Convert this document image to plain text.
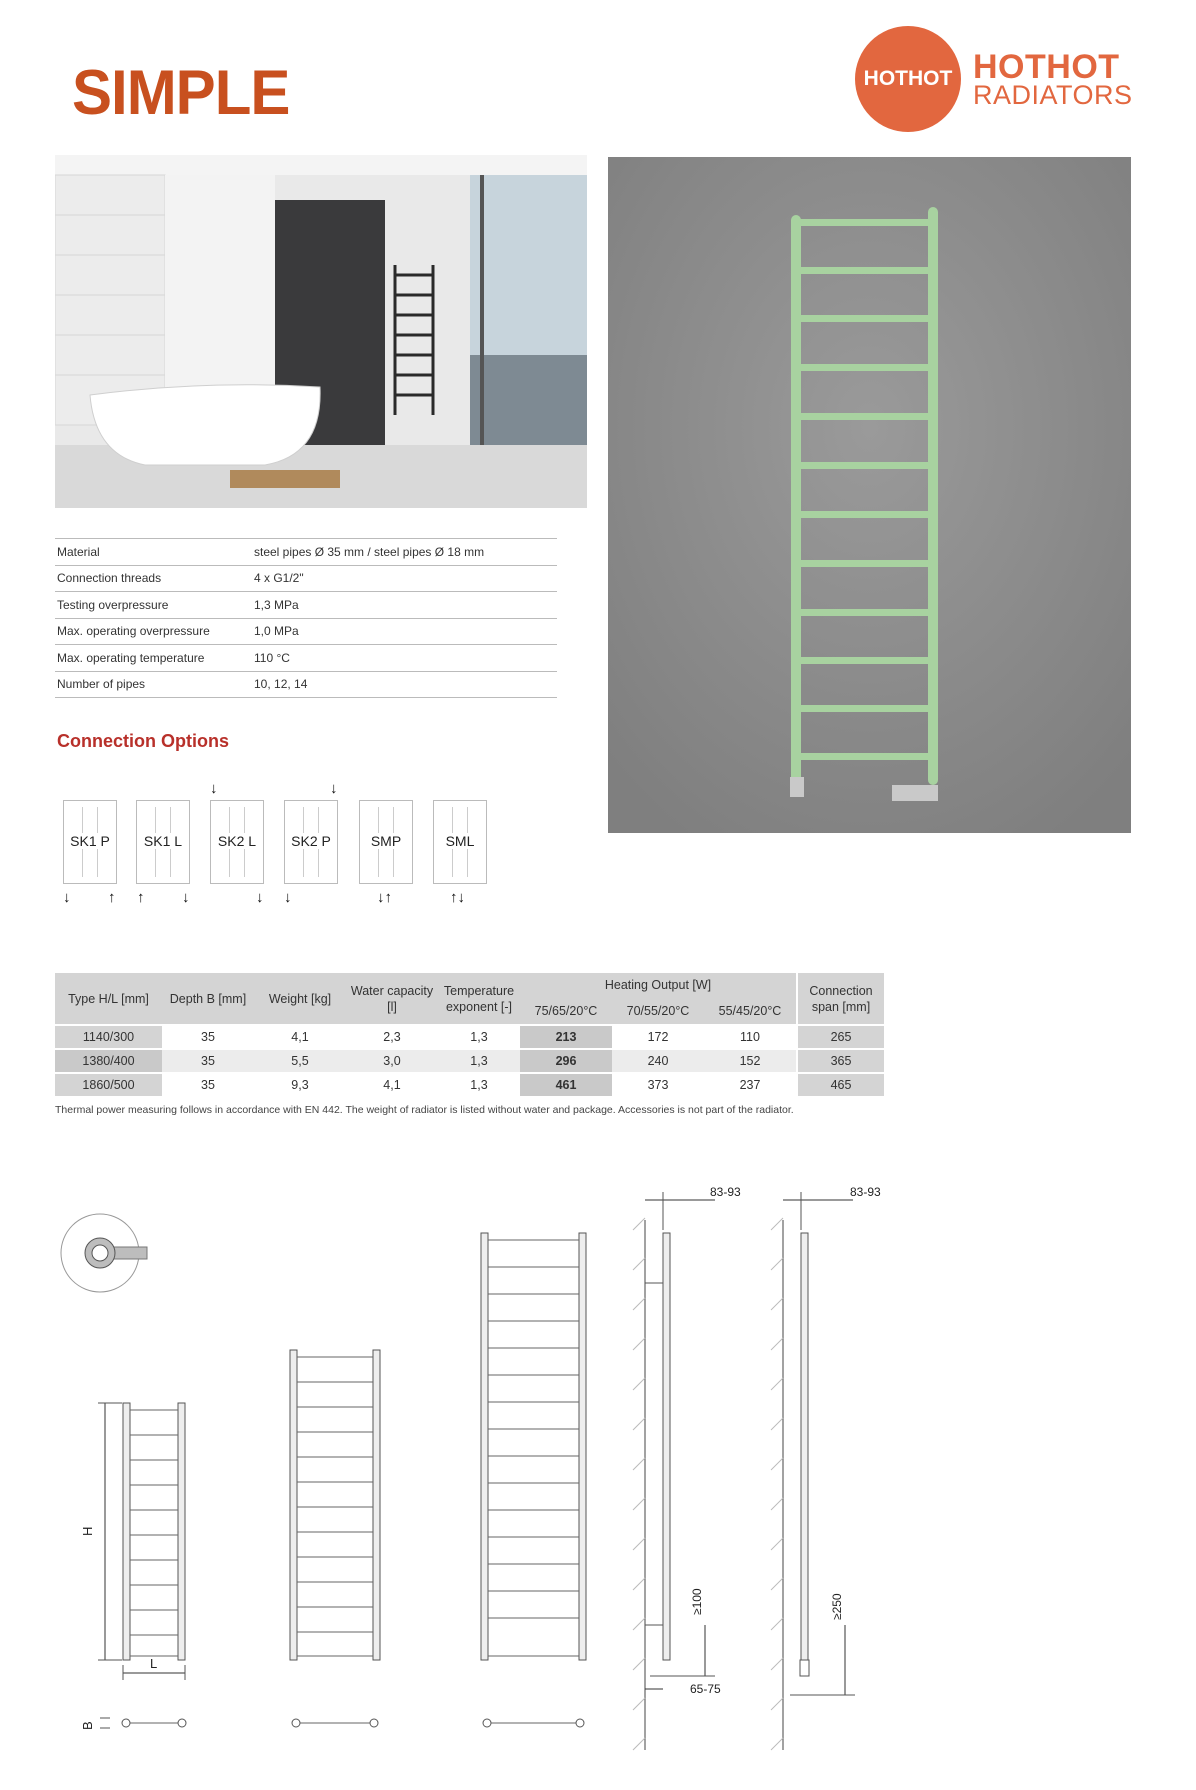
SIMPLE	HOTHOT HOTHOT
RADIATORS
Material	steel pipes Ø 35 mm / steel pipes Ø 18 mm
Connection threads	4 x G1/2"
Testing overpressure	1,3 MPa
Max. operating overpressure	1,0 MPa
Max. operating temperature	110 °C
Number of pipes	10, 12, 14
Connection Options
SK1 P	SK1 L	SK2 L	SK2 P	SMP	SML
↓	↑ ↑	↓
↓
↓ ↓
↓
↓↑	↑↓
Type H/L [mm]	Depth B [mm]	Weight [kg]	Water capacity [l]	Temperature exponent [-]	Heating Output [W]			Connection span [mm]
					75/65/20°C	70/55/20°C	55/45/20°C	
1140/300	35	4,1	2,3	1,3	213	172	110	265
1380/400	35	5,5	3,0	1,3	296	240	152	365
1860/500	35	9,3	4,1	1,3	461	373	237	465
Thermal power measuring follows in accordance with EN 442. The weight of radiator is listed without water and package. Accessories is not part of the radiator.
H
L
B
83-93
≥100
65-75
83-93
≥250
